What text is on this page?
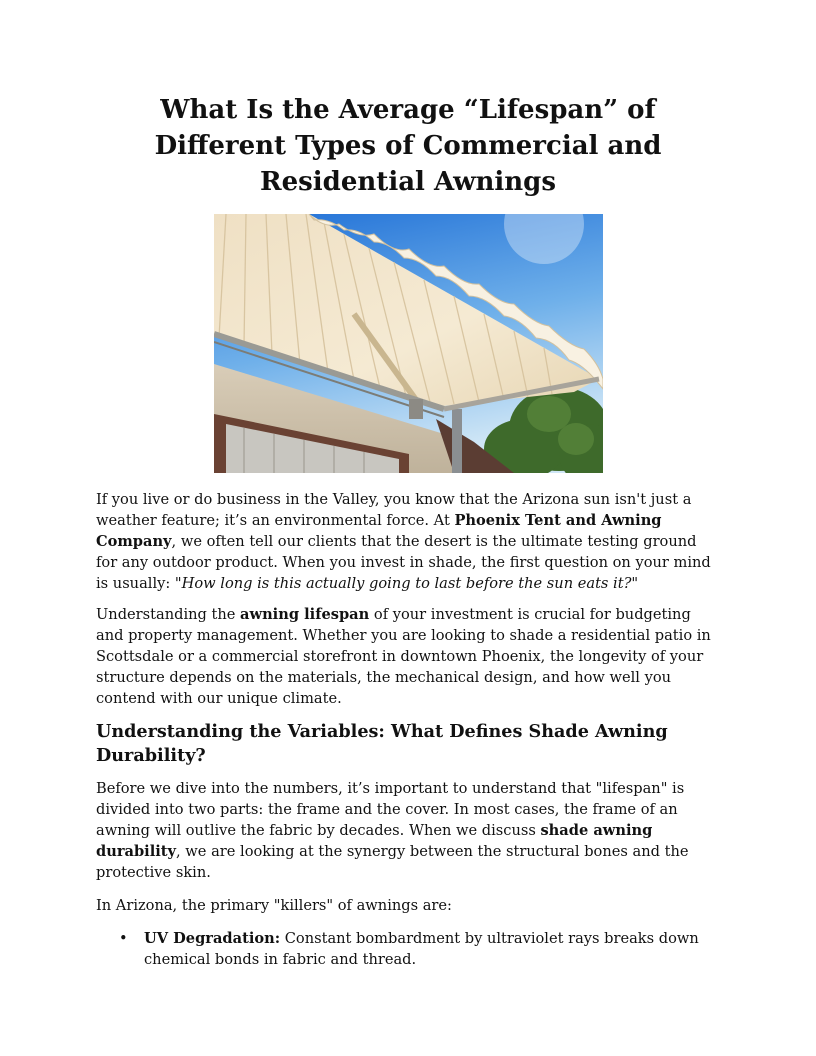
What Is the Average “Lifespan” of Different Types of Commercial and Residential Awnings

If you live or do business in the Valley, you know that the Arizona sun isn't just a weather feature; it’s an environmental force. At Phoenix Tent and Awning Company, we often tell our clients that the desert is the ultimate testing ground for any outdoor product. When you invest in shade, the first question on your mind is usually: "How long is this actually going to last before the sun eats it?"

Understanding the awning lifespan of your investment is crucial for budgeting and property management. Whether you are looking to shade a residential patio in Scottsdale or a commercial storefront in downtown Phoenix, the longevity of your structure depends on the materials, the mechanical design, and how well you contend with our unique climate.

Understanding the Variables: What Defines Shade Awning Durability?

Before we dive into the numbers, it’s important to understand that "lifespan" is divided into two parts: the frame and the cover. In most cases, the frame of an awning will outlive the fabric by decades. When we discuss shade awning durability, we are looking at the synergy between the structural bones and the protective skin.

In Arizona, the primary "killers" of awnings are:

• UV Degradation: Constant bombardment by ultraviolet rays breaks down chemical bonds in fabric and thread.
